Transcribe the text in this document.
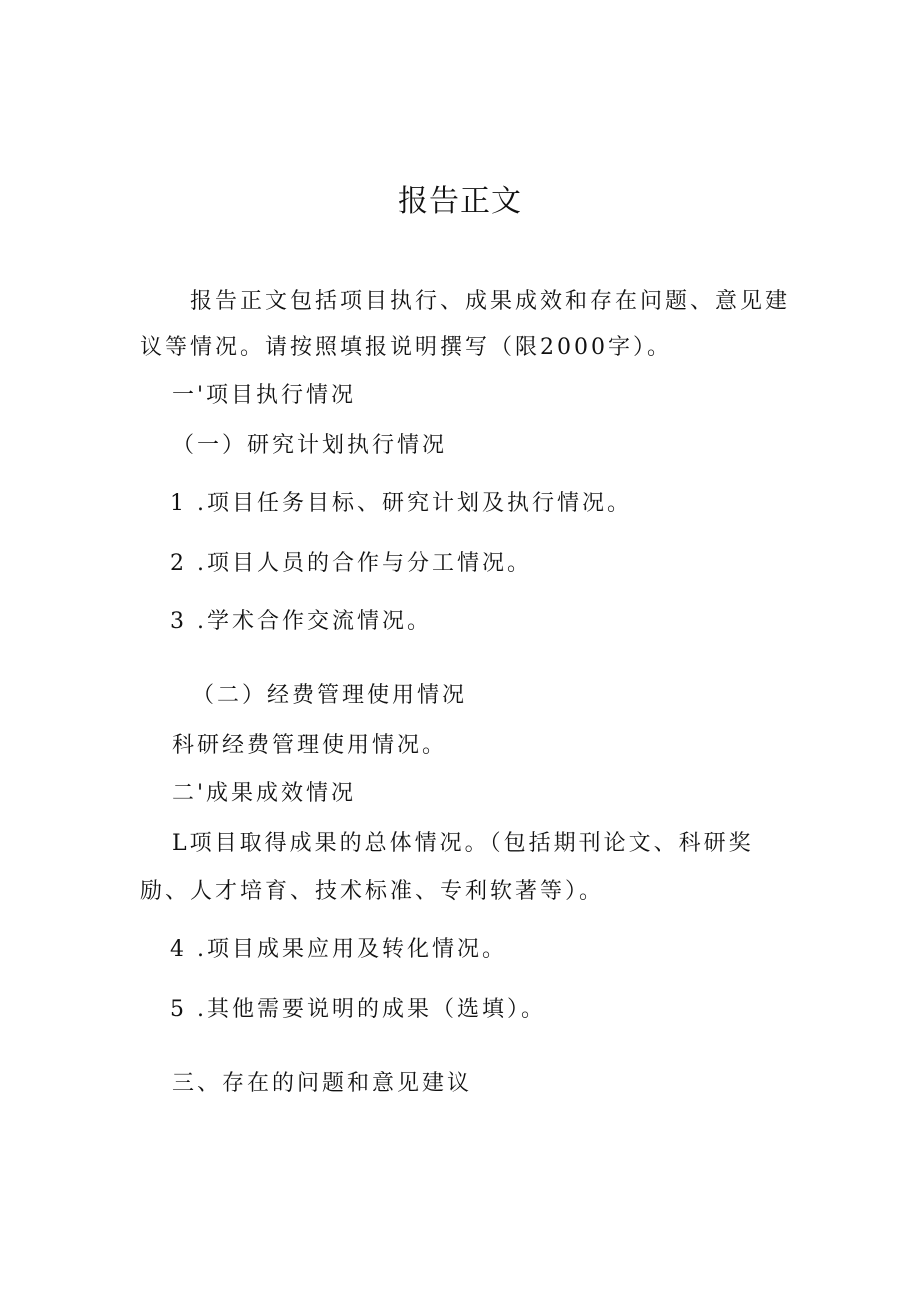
报告正文
报告正文包括项目执行、成果成效和存在问题、意见建
议等情况。请按照填报说明撰写（限2000字）。
一'项目执行情况
（一）研究计划执行情况
1 .项目任务目标、研究计划及执行情况。
2 .项目人员的合作与分工情况。
3 .学术合作交流情况。
（二）经费管理使用情况
科研经费管理使用情况。
二'成果成效情况
L项目取得成果的总体情况。（包括期刊论文、科研奖
励、人才培育、技术标准、专利软著等）。
4 .项目成果应用及转化情况。
5 .其他需要说明的成果（选填）。
三、存在的问题和意见建议
